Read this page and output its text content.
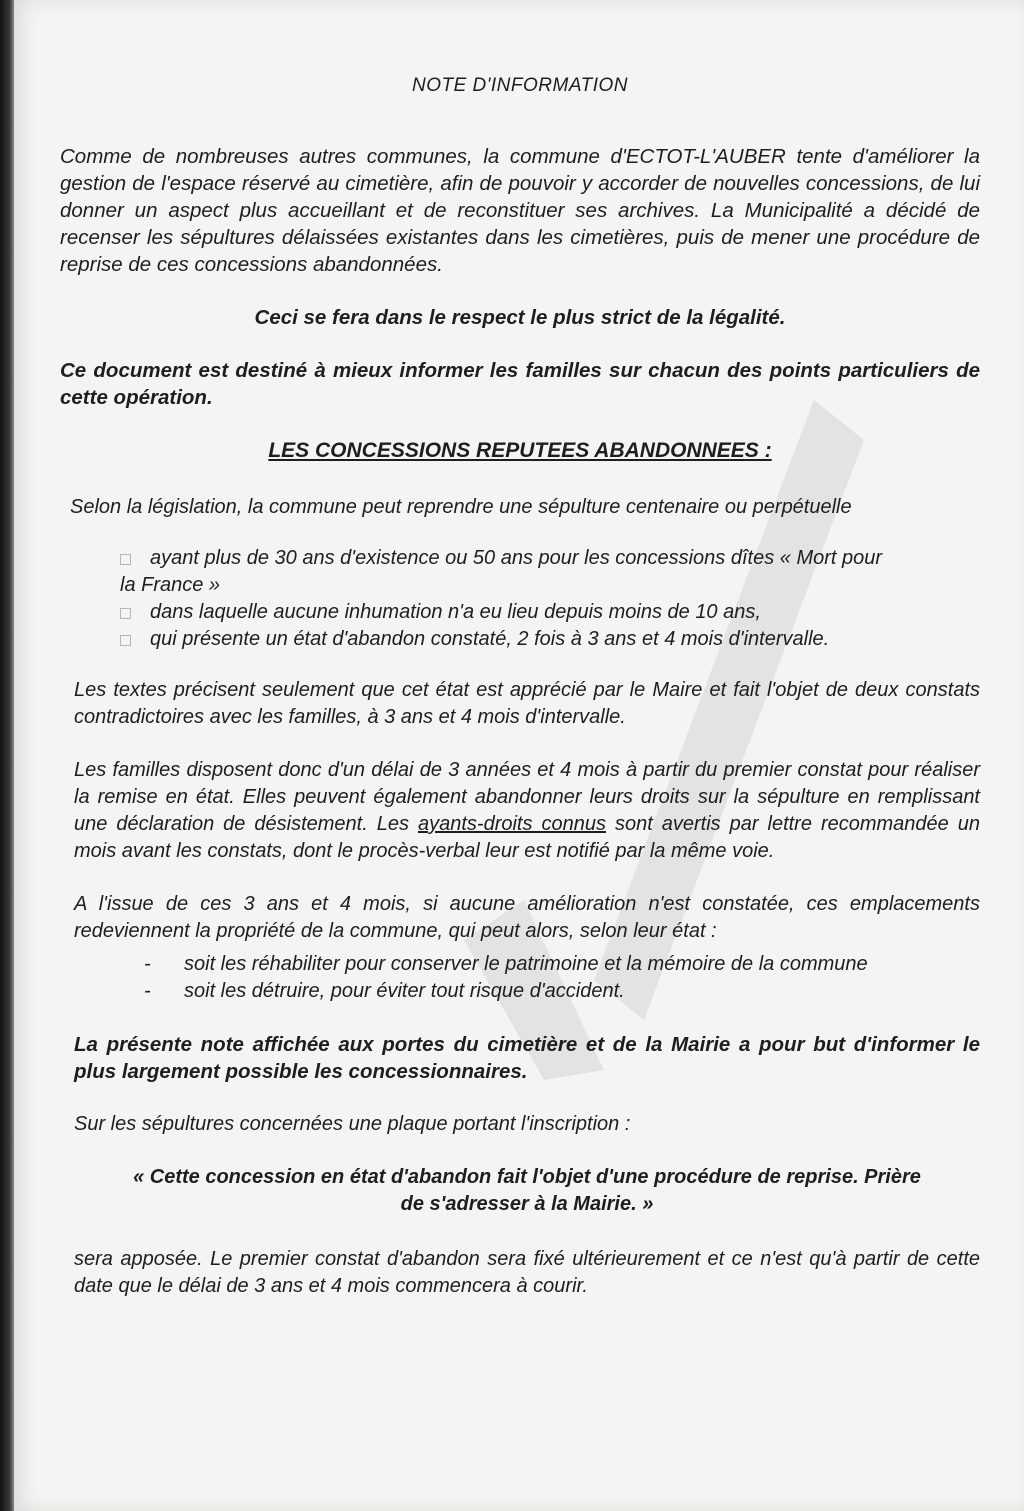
NOTE D'INFORMATION

Comme de nombreuses autres communes, la commune d'ECTOT-L'AUBER tente d'améliorer la gestion de l'espace réservé au cimetière, afin de pouvoir y accorder de nouvelles concessions, de lui donner un aspect plus accueillant et de reconstituer ses archives. La Municipalité a décidé de recenser les sépultures délaissées existantes dans les cimetières, puis de mener une procédure de reprise de ces concessions abandonnées.

Ceci se fera dans le respect le plus strict de la légalité.

Ce document est destiné à mieux informer les familles sur chacun des points particuliers de cette opération.

LES CONCESSIONS REPUTEES ABANDONNEES :
Selon la législation, la commune peut reprendre une sépulture centenaire ou perpétuelle
ayant plus de 30 ans d'existence ou 50 ans pour les concessions dîtes « Mort pour
la France »
dans laquelle aucune inhumation n'a eu lieu depuis moins de 10 ans,
qui présente un état d'abandon constaté, 2 fois à 3 ans et 4 mois d'intervalle.

Les textes précisent seulement que cet état est apprécié par le Maire et fait l'objet de deux constats contradictoires avec les familles, à 3 ans et 4 mois d'intervalle.

Les familles disposent donc d'un délai de 3 années et 4 mois à partir du premier constat pour réaliser la remise en état. Elles peuvent également abandonner leurs droits sur la sépulture en remplissant une déclaration de désistement. Les ayants-droits connus sont avertis par lettre recommandée un mois avant les constats, dont le procès-verbal leur est notifié par la même voie.

A l'issue de ces 3 ans et 4 mois, si aucune amélioration n'est constatée, ces emplacements redeviennent la propriété de la commune, qui peut alors, selon leur état :

- soit les réhabiliter pour conserver le patrimoine et la mémoire de la commune
- soit les détruire, pour éviter tout risque d'accident.

La présente note affichée aux portes du cimetière et de la Mairie a pour but d'informer le plus largement possible les concessionnaires.

Sur les sépultures concernées une plaque portant l'inscription :

« Cette concession en état d'abandon fait l'objet d'une procédure de reprise. Prière
de s'adresser à la Mairie. »

sera apposée. Le premier constat d'abandon sera fixé ultérieurement et ce n'est qu'à partir de cette date que le délai de 3 ans et 4 mois commencera à courir.
